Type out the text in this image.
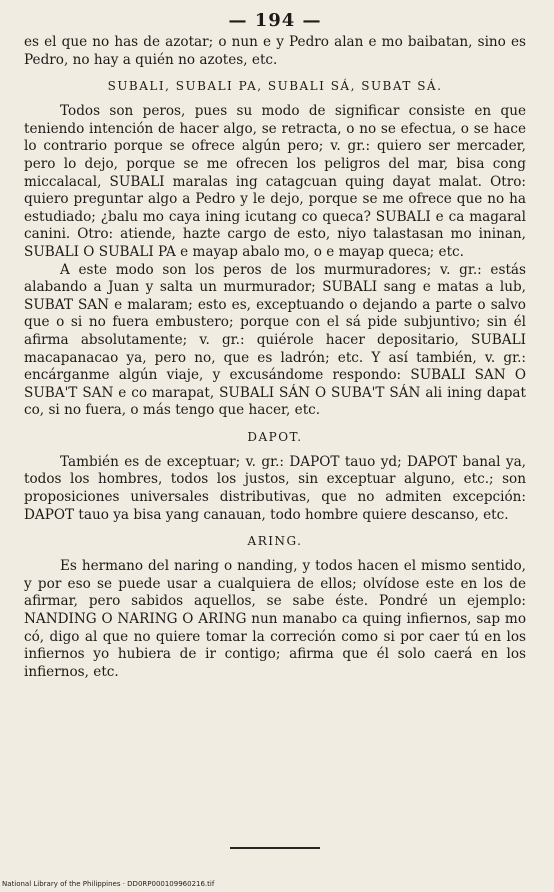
— 194 —

es el que no has de azotar; o nun e y Pedro alan e mo baibatan, sino es Pedro, no hay a quién no azotes, etc.

SUBALI, SUBALI PA, SUBALI SÁ, SUBAT SÁ.

Todos son peros, pues su modo de significar consiste en que teniendo intención de hacer algo, se retracta, o no se efectua, o se hace lo contrario porque se ofrece algún pero; v. gr.: quiero ser mercader, pero lo dejo, porque se me ofrecen los peligros del mar, bisa cong miccalacal, SUBALI maralas ing catagcuan quing dayat malat. Otro: quiero preguntar algo a Pedro y le dejo, porque se me ofrece que no ha estudiado; ¿balu mo caya ining icutang co queca? SUBALI e ca magaral canini. Otro: atiende, hazte cargo de esto, niyo talastasan mo ininan, SUBALI O SUBALI PA e mayap abalo mo, o e mayap queca; etc.

A este modo son los peros de los murmuradores; v. gr.: estás alabando a Juan y salta un murmurador; SUBALI sang e matas a lub, SUBAT SAN e malaram; esto es, exceptuando o dejando a parte o salvo que o si no fuera embustero; porque con el sá pide subjuntivo; sin él afirma absolutamente; v. gr.: quiérole hacer depositario, SUBALI macapanacao ya, pero no, que es ladrón; etc. Y así también, v. gr.: encárganme algún viaje, y excusándome respondo: SUBALI SAN O SUBA'T SAN e co marapat, SUBALI SÁN O SUBA'T SÁN ali ining dapat co, si no fuera, o más tengo que hacer, etc.

DAPOT.

También es de exceptuar; v. gr.: DAPOT tauo yd; DAPOT banal ya, todos los hombres, todos los justos, sin exceptuar alguno, etc.; son proposiciones universales distributivas, que no admiten excepción: DAPOT tauo ya bisa yang canauan, todo hombre quiere descanso, etc.

ARING.

Es hermano del naring o nanding, y todos hacen el mismo sentido, y por eso se puede usar a cualquiera de ellos; olvídose este en los de afirmar, pero sabidos aquellos, se sabe éste. Pondré un ejemplo: NANDING O NARING O ARING nun manabo ca quing infiernos, sap mo có, digo al que no quiere tomar la correción como si por caer tú en los infiernos yo hubiera de ir contigo; afirma que él solo caerá en los infiernos, etc.

National Library of the Philippines · DD0RP000109960216.tif
